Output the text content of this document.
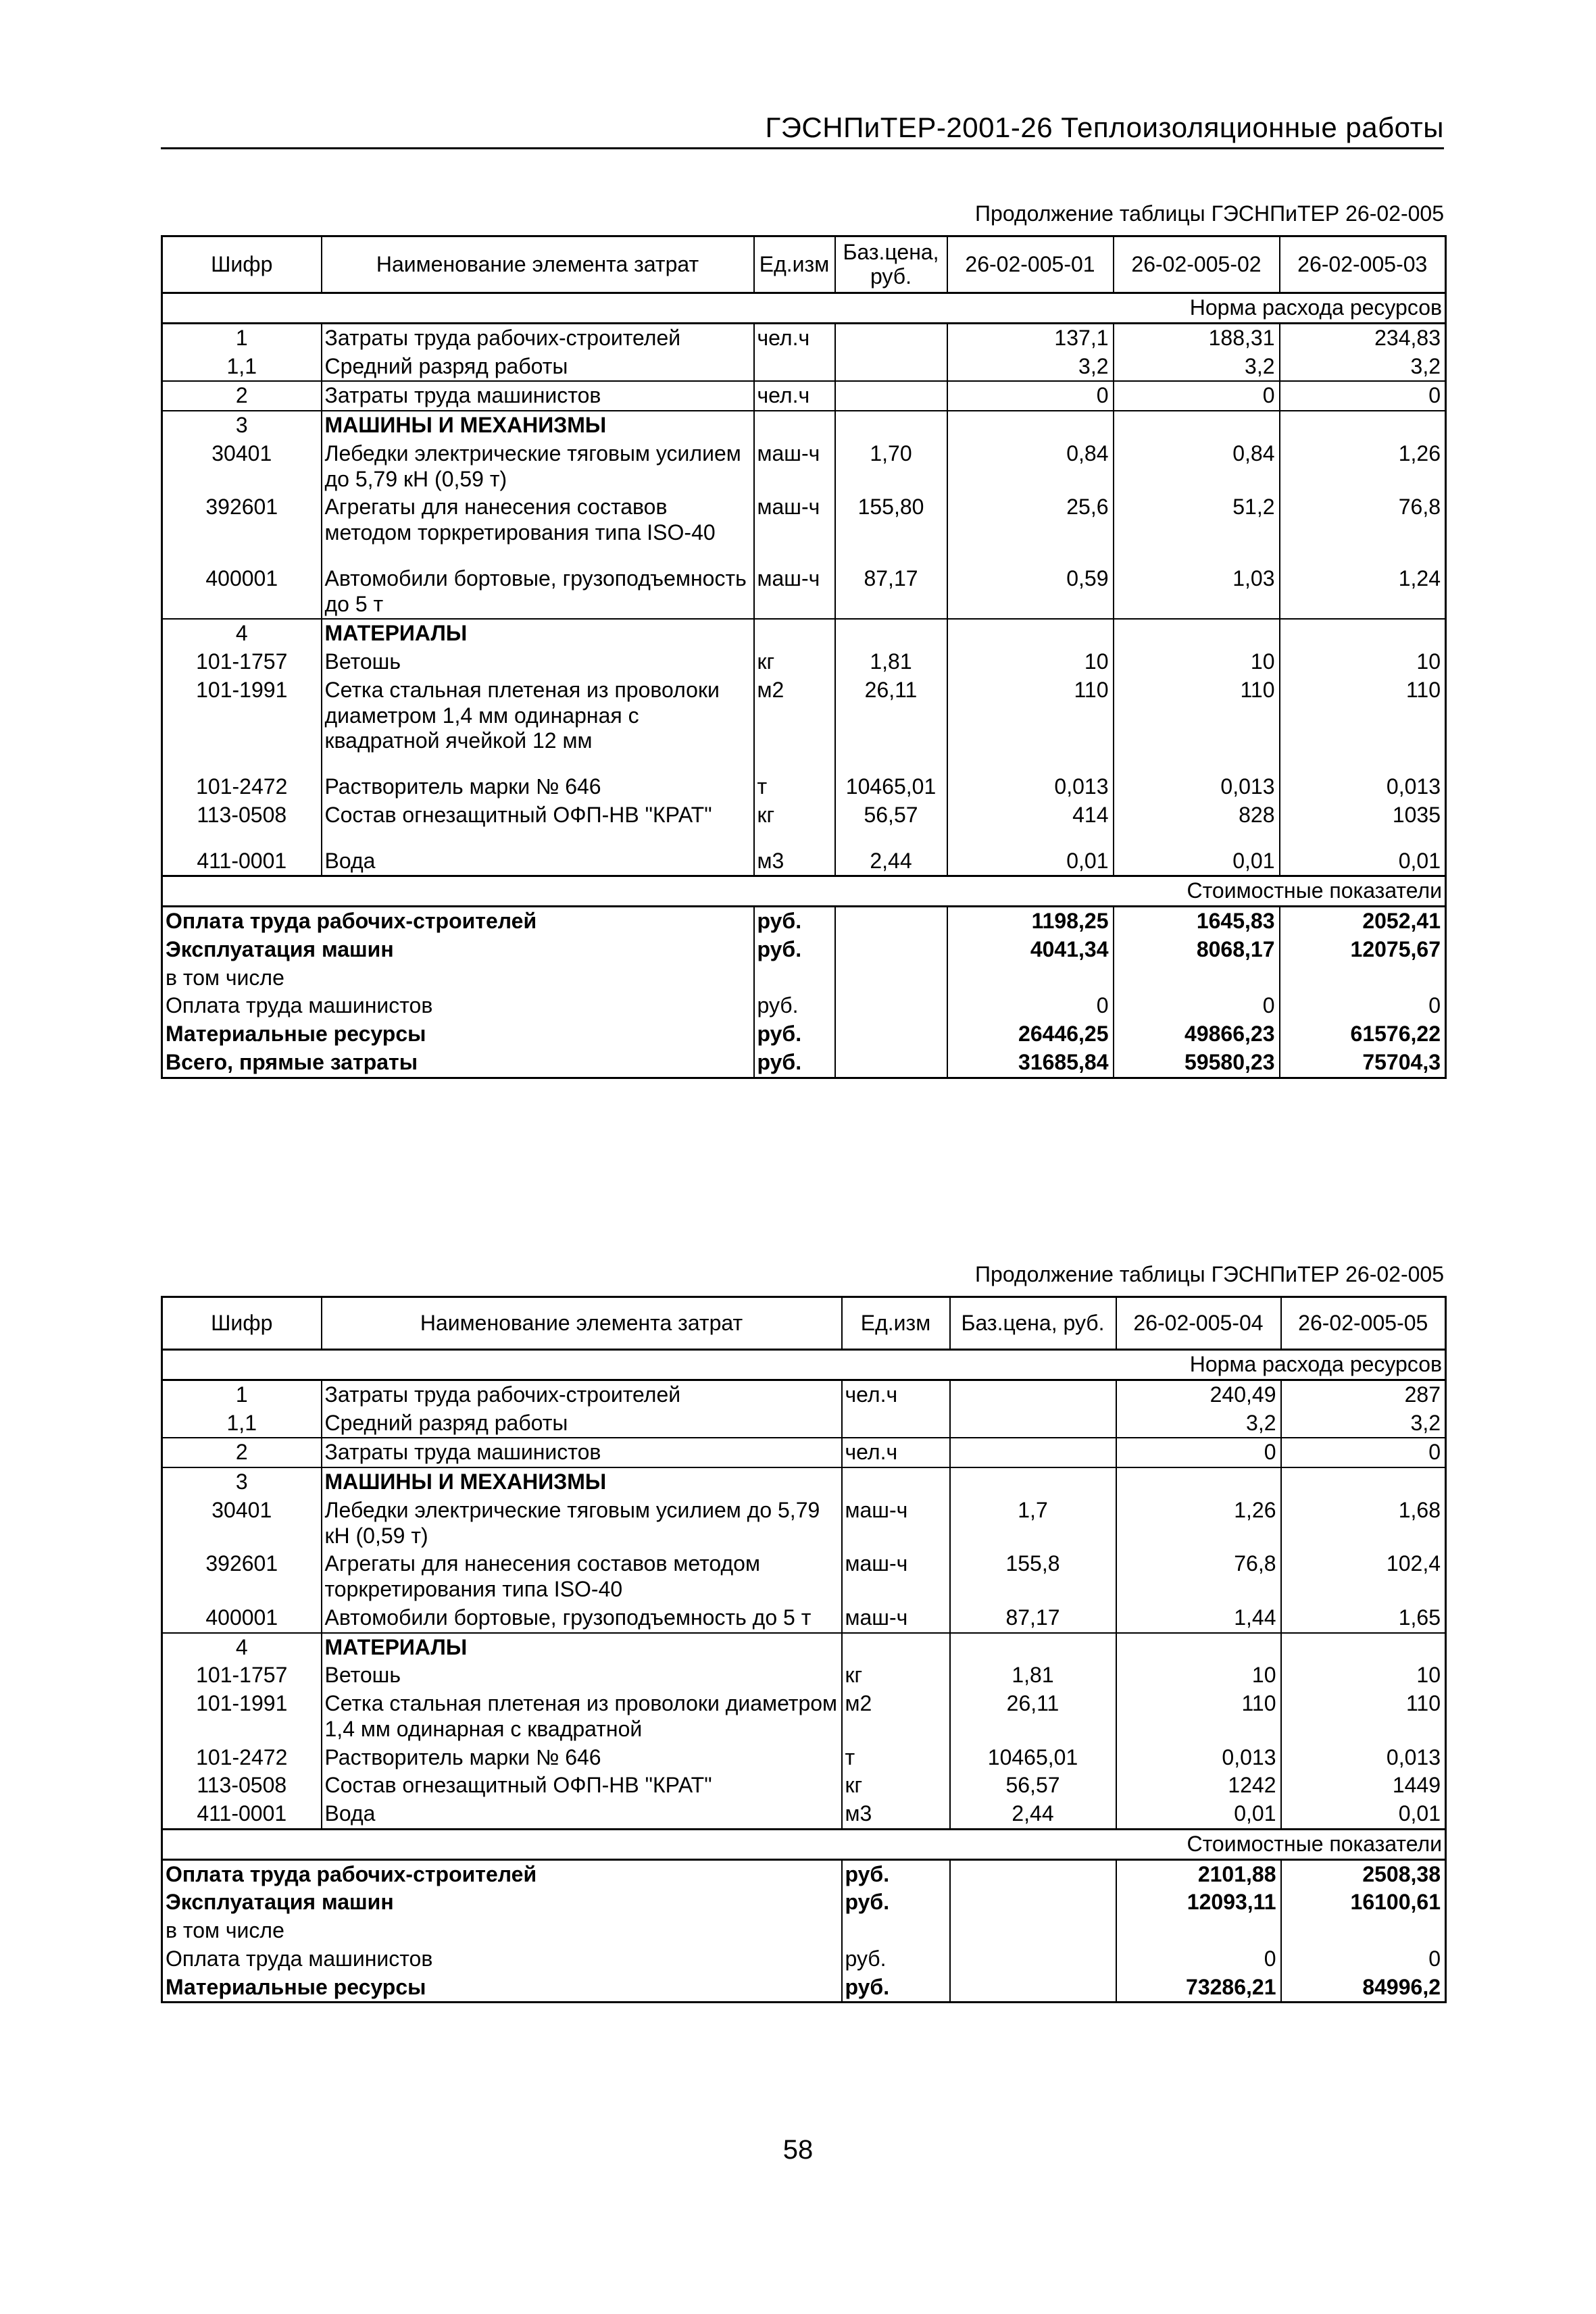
ГЭСНПиТЕР-2001-26 Теплоизоляционные работы
Продолжение таблицы ГЭСНПиТЕР 26-02-005
Шифр	Наименование элемента затрат	Ед.изм	Баз.цена, руб.	26-02-005-01	26-02-005-02	26-02-005-03
Норма расхода ресурсов						
1	Затраты труда рабочих-строителей	чел.ч		137,1	188,31	234,83
1,1	Средний разряд работы			3,2	3,2	3,2
2	Затраты труда машинистов	чел.ч		0	0	0
3	МАШИНЫ И МЕХАНИЗМЫ					
30401	Лебедки электрические тяговым усилием до 5,79 кН (0,59 т)	маш-ч	1,70	0,84	0,84	1,26
392601	Агрегаты для нанесения составов методом торкретирования типа ISO-40	маш-ч	155,80	25,6	51,2	76,8

400001	Автомобили бортовые, грузоподъемность до 5 т	маш-ч	87,17	0,59	1,03	1,24
4	МАТЕРИАЛЫ					
101-1757	Ветошь	кг	1,81	10	10	10
101-1991	Сетка стальная плетеная из проволоки диаметром 1,4 мм одинарная с квадратной ячейкой 12 мм	м2	26,11	110	110	110

101-2472	Растворитель марки № 646	т	10465,01	0,013	0,013	0,013
113-0508	Состав огнезащитный ОФП-НВ "КРАТ"	кг	56,57	414	828	1035

411-0001	Вода	м3	2,44	0,01	0,01	0,01
Стоимостные показатели						
Оплата труда рабочих-строителей		руб.		1198,25	1645,83	2052,41
Эксплуатация машин		руб.		4041,34	8068,17	12075,67
в том числе						
Оплата труда машинистов		руб.		0	0	0
Материальные ресурсы		руб.		26446,25	49866,23	61576,22
Всего, прямые затраты		руб.		31685,84	59580,23	75704,3
Продолжение таблицы ГЭСНПиТЕР 26-02-005
Шифр	Наименование элемента затрат	Ед.изм	Баз.цена, руб.	26-02-005-04	26-02-005-05
Норма расхода ресурсов					
1	Затраты труда рабочих-строителей	чел.ч		240,49	287
1,1	Средний разряд работы			3,2	3,2
2	Затраты труда машинистов	чел.ч		0	0
3	МАШИНЫ И МЕХАНИЗМЫ				
30401	Лебедки электрические тяговым усилием до 5,79 кН (0,59 т)	маш-ч	1,7	1,26	1,68
392601	Агрегаты для нанесения составов методом торкретирования типа ISO-40	маш-ч	155,8	76,8	102,4
400001	Автомобили бортовые, грузоподъемность до 5 т	маш-ч	87,17	1,44	1,65
4	МАТЕРИАЛЫ				
101-1757	Ветошь	кг	1,81	10	10
101-1991	Сетка стальная плетеная из проволоки диаметром 1,4 мм одинарная с квадратной	м2	26,11	110	110
101-2472	Растворитель марки № 646	т	10465,01	0,013	0,013
113-0508	Состав огнезащитный ОФП-НВ "КРАТ"	кг	56,57	1242	1449
411-0001	Вода	м3	2,44	0,01	0,01
Стоимостные показатели					
Оплата труда рабочих-строителей		руб.		2101,88	2508,38
Эксплуатация машин		руб.		12093,11	16100,61
в том числе					
Оплата труда машинистов		руб.		0	0
Материальные ресурсы		руб.		73286,21	84996,2
58
